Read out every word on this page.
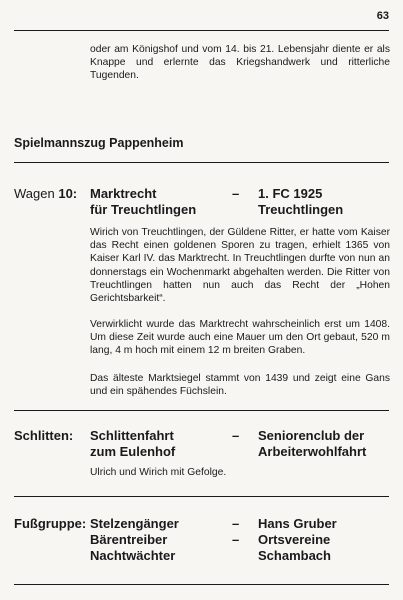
63
oder am Königshof und vom 14. bis 21. Lebensjahr diente er als Knappe und erlernte das Kriegshandwerk und ritterliche Tugenden.
Spielmannszug Pappenheim
Wagen 10: Marktrecht
für Treuchtlingen
– 1. FC 1925
Treuchtlingen
Wirich von Treuchtlingen, der Güldene Ritter, er hatte vom Kaiser das Recht einen goldenen Sporen zu tragen, erhielt 1365 von Kaiser Karl IV. das Marktrecht. In Treuchtlingen durfte von nun an donnerstags ein Wochenmarkt abgehalten werden. Die Ritter von Treuchtlingen hatten nun auch das Recht der „Hohen Gerichtsbarkeit“.
Verwirklicht wurde das Marktrecht wahrscheinlich erst um 1408. Um diese Zeit wurde auch eine Mauer um den Ort gebaut, 520 m lang, 4 m hoch mit einem 12 m breiten Graben.
Das älteste Marktsiegel stammt von 1439 und zeigt eine Gans und ein spähendes Füchslein.
Schlitten: Schlittenfahrt
zum Eulenhof
– Seniorenclub der
Arbeiterwohlfahrt
Ulrich und Wirich mit Gefolge.
Fußgruppe: Stelzengänger
Bärentreiber
Nachtwächter
– Hans Gruber
– Ortsvereine
Schambach
